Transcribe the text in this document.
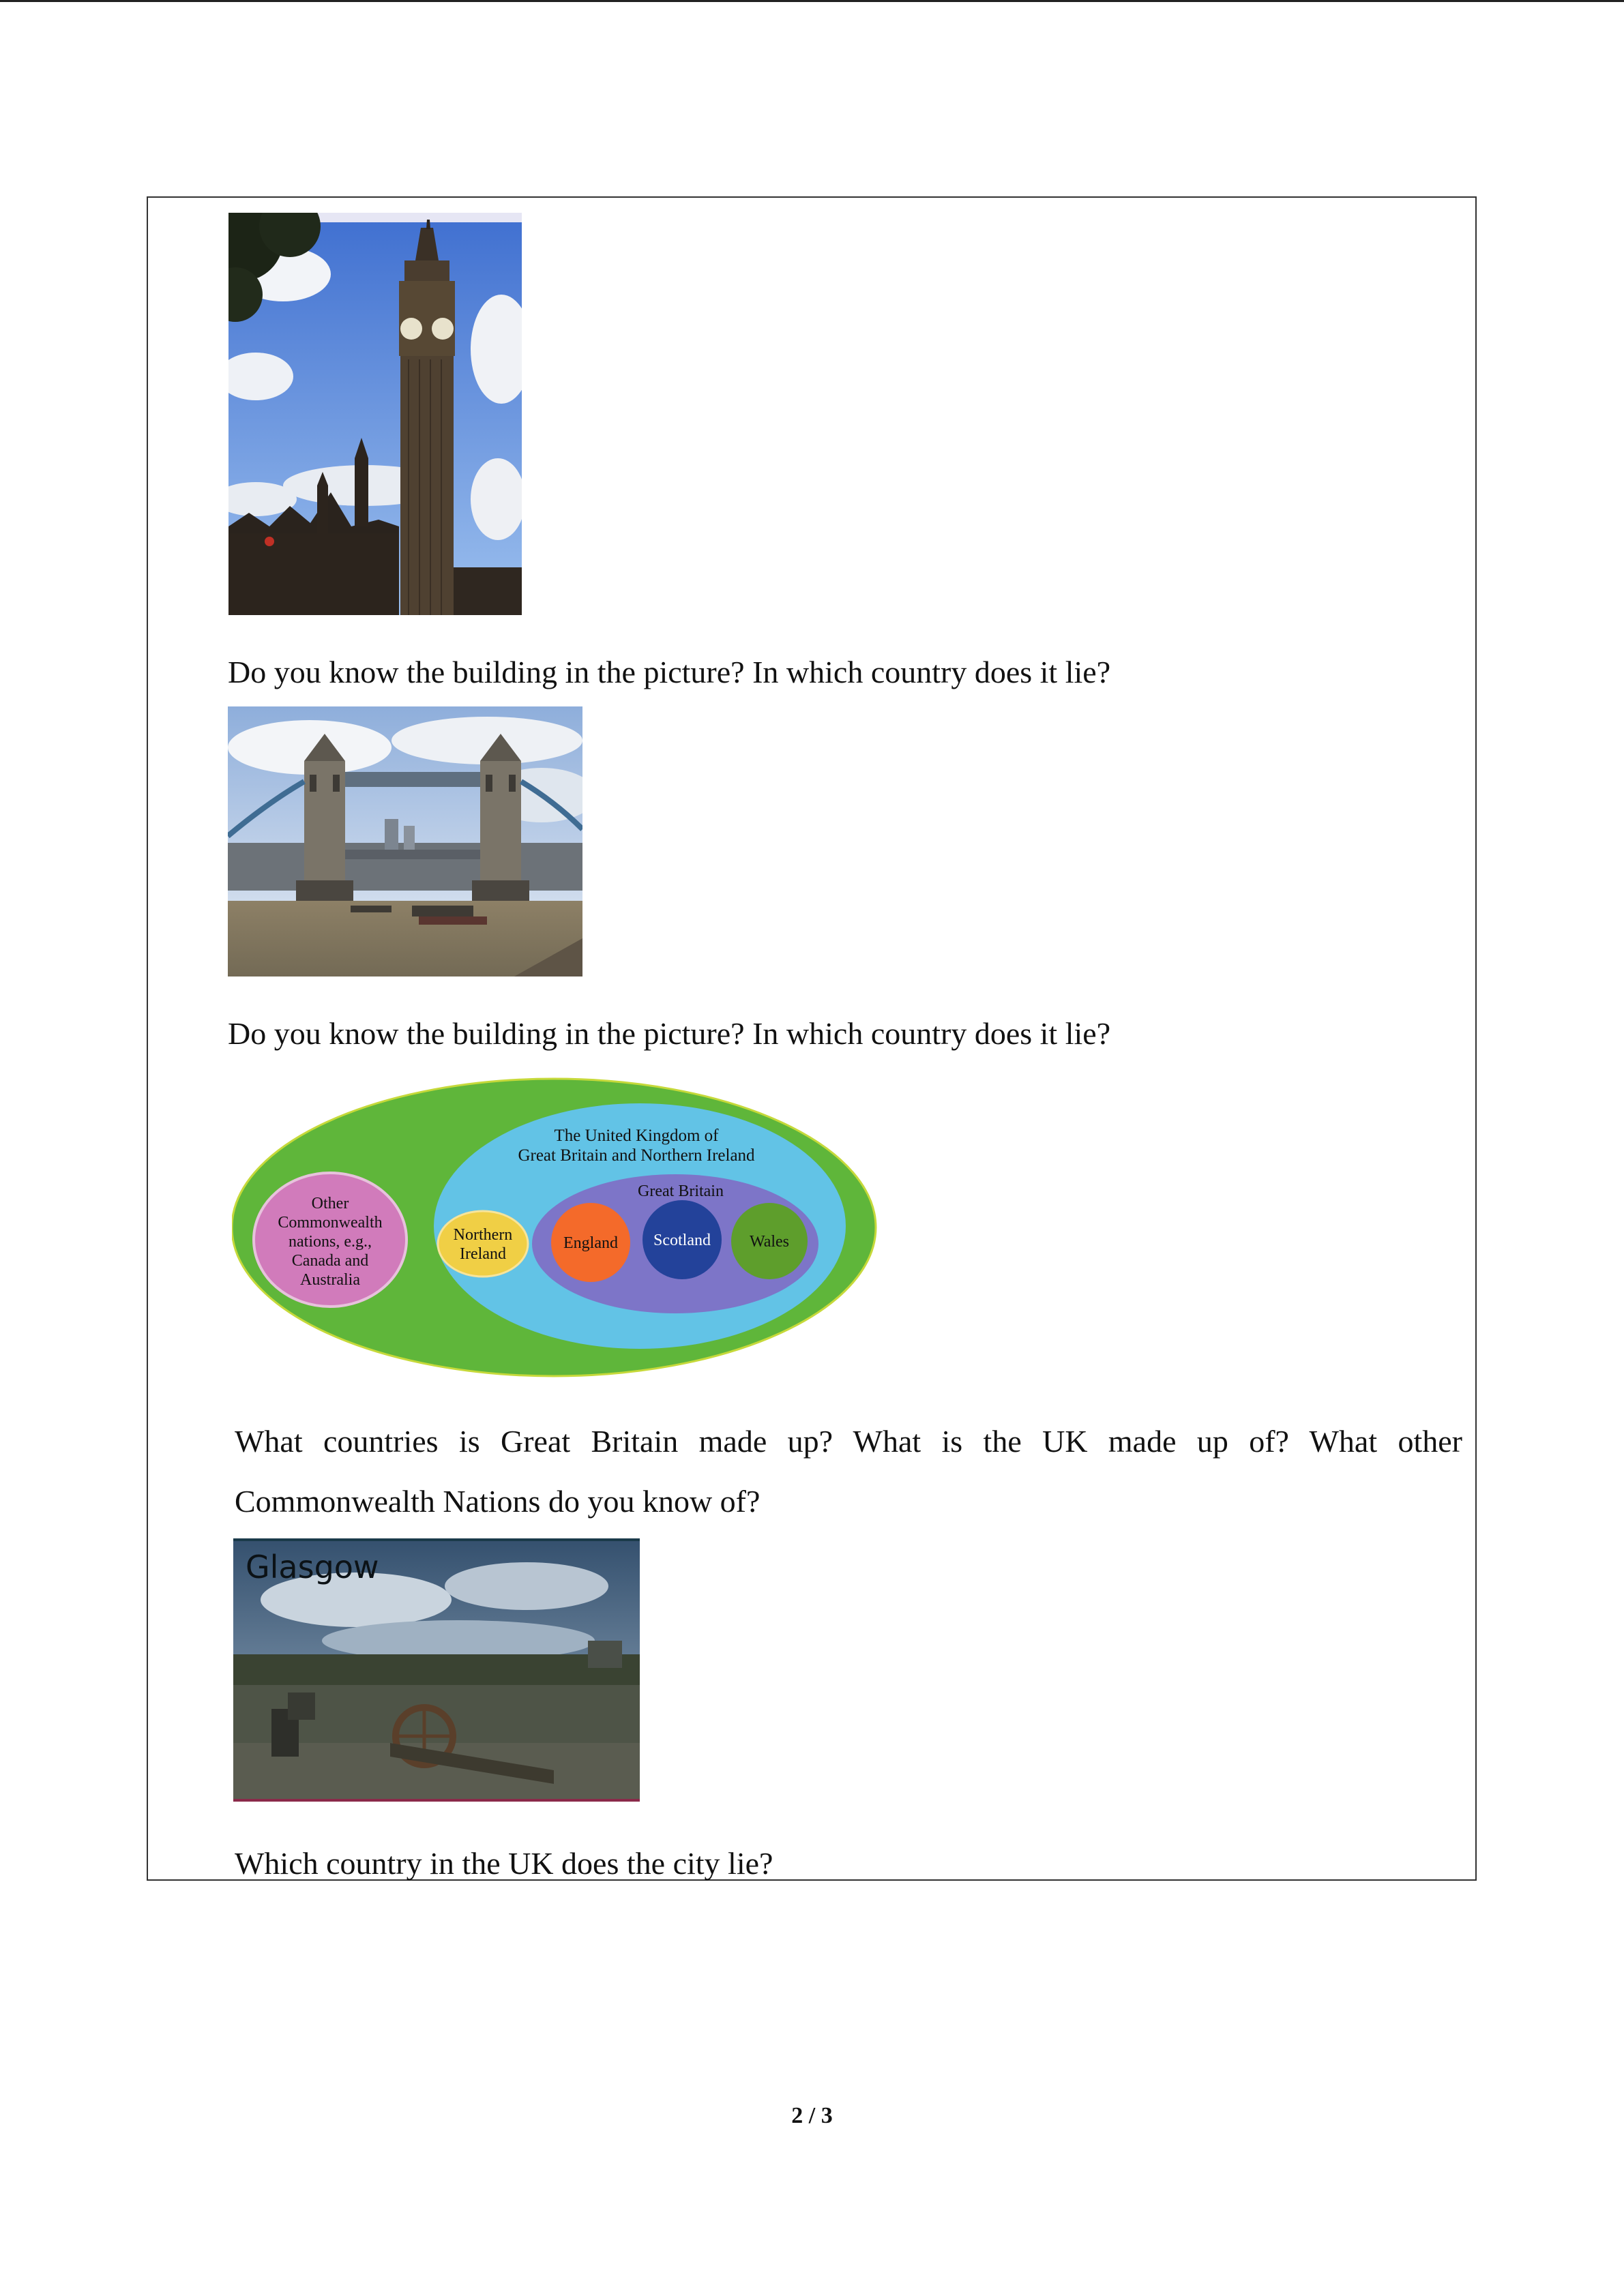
Do you know the building in the picture? In which country does it lie?
Do you know the building in the picture? In which country does it lie?
The United Kingdom of
Great Britain and Northern Ireland
Great Britain
Other
Commonwealth
nations, e.g.,
Canada and
Australia
Northern
Ireland
England Scotland Wales
What countries is Great Britain made up? What is the UK made up of? What other Commonwealth Nations do you know of?
Glasgow
Which country in the UK does the city lie?
2 / 3
